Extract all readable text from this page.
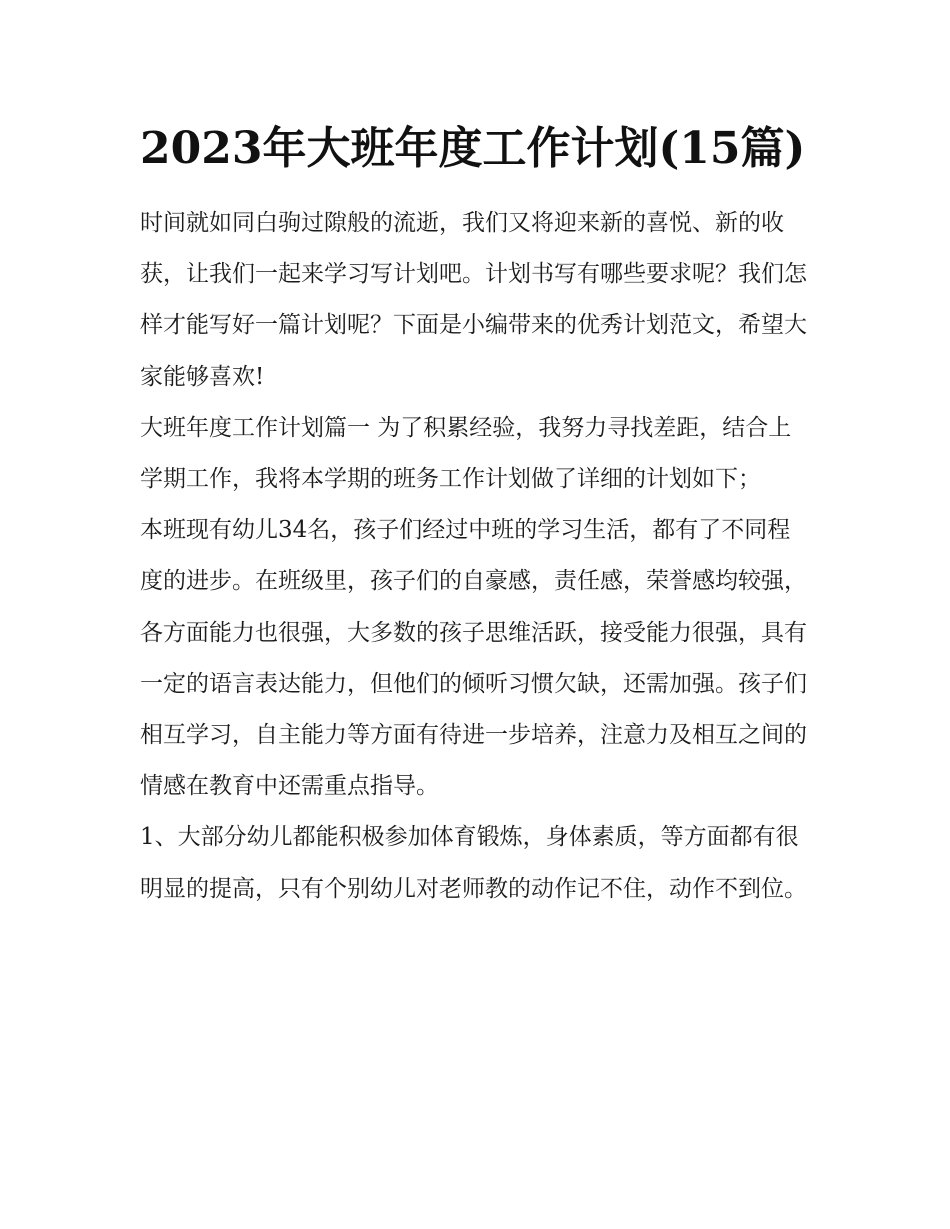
2023年大班年度工作计划(15篇)

时间就如同白驹过隙般的流逝，我们又将迎来新的喜悦、新的收获，让我们一起来学习写计划吧。计划书写有哪些要求呢？我们怎样才能写好一篇计划呢？下面是小编带来的优秀计划范文，希望大家能够喜欢!

大班年度工作计划篇一 为了积累经验，我努力寻找差距，结合上学期工作，我将本学期的班务工作计划做了详细的计划如下；

本班现有幼儿34名，孩子们经过中班的学习生活，都有了不同程度的进步。在班级里，孩子们的自豪感，责任感，荣誉感均较强，各方面能力也很强，大多数的孩子思维活跃，接受能力很强，具有一定的语言表达能力，但他们的倾听习惯欠缺，还需加强。孩子们相互学习，自主能力等方面有待进一步培养，注意力及相互之间的情感在教育中还需重点指导。

1、大部分幼儿都能积极参加体育锻炼，身体素质，等方面都有很明显的提高，只有个别幼儿对老师教的动作记不住，动作不到位。
